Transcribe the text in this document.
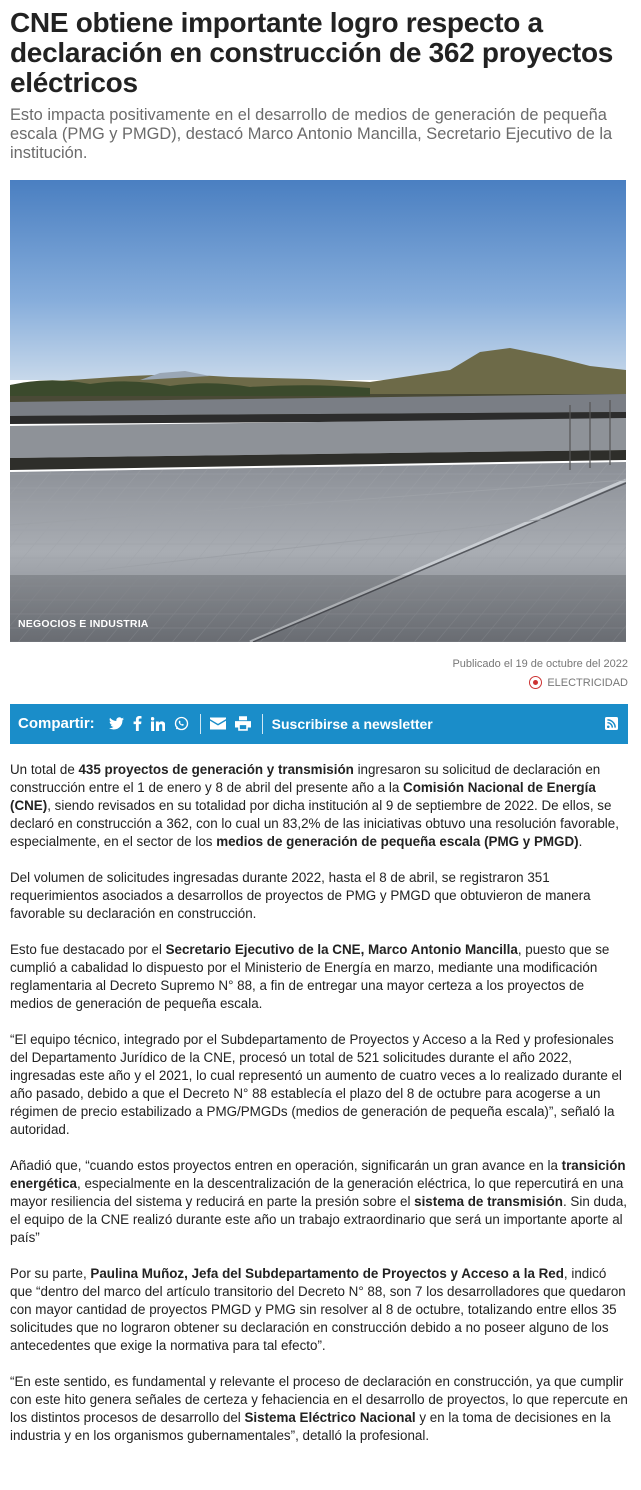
CNE obtiene importante logro respecto a declaración en construcción de 362 proyectos eléctricos

Esto impacta positivamente en el desarrollo de medios de generación de pequeña escala (PMG y PMGD), destacó Marco Antonio Mancilla, Secretario Ejecutivo de la institución.

NEGOCIOS E INDUSTRIA
Publicado el 19 de octubre del 2022
ELECTRICIDAD
Compartir:	Suscribirse a newsletter

Un total de 435 proyectos de generación y transmisión ingresaron su solicitud de declaración en construcción entre el 1 de enero y 8 de abril del presente año a la Comisión Nacional de Energía (CNE), siendo revisados en su totalidad por dicha institución al 9 de septiembre de 2022. De ellos, se declaró en construcción a 362, con lo cual un 83,2% de las iniciativas obtuvo una resolución favorable, especialmente, en el sector de los medios de generación de pequeña escala (PMG y PMGD).

Del volumen de solicitudes ingresadas durante 2022, hasta el 8 de abril, se registraron 351 requerimientos asociados a desarrollos de proyectos de PMG y PMGD que obtuvieron de manera favorable su declaración en construcción.

Esto fue destacado por el Secretario Ejecutivo de la CNE, Marco Antonio Mancilla, puesto que se cumplió a cabalidad lo dispuesto por el Ministerio de Energía en marzo, mediante una modificación reglamentaria al Decreto Supremo N° 88, a fin de entregar una mayor certeza a los proyectos de medios de generación de pequeña escala.

“El equipo técnico, integrado por el Subdepartamento de Proyectos y Acceso a la Red y profesionales del Departamento Jurídico de la CNE, procesó un total de 521 solicitudes durante el año 2022, ingresadas este año y el 2021, lo cual representó un aumento de cuatro veces a lo realizado durante el año pasado, debido a que el Decreto N° 88 establecía el plazo del 8 de octubre para acogerse a un régimen de precio estabilizado a PMG/PMGDs (medios de generación de pequeña escala)”, señaló la autoridad.

Añadió que, “cuando estos proyectos entren en operación, significarán un gran avance en la transición energética, especialmente en la descentralización de la generación eléctrica, lo que repercutirá en una mayor resiliencia del sistema y reducirá en parte la presión sobre el sistema de transmisión. Sin duda, el equipo de la CNE realizó durante este año un trabajo extraordinario que será un importante aporte al país”

Por su parte, Paulina Muñoz, Jefa del Subdepartamento de Proyectos y Acceso a la Red, indicó que “dentro del marco del artículo transitorio del Decreto N° 88, son 7 los desarrolladores que quedaron con mayor cantidad de proyectos PMGD y PMG sin resolver al 8 de octubre, totalizando entre ellos 35 solicitudes que no lograron obtener su declaración en construcción debido a no poseer alguno de los antecedentes que exige la normativa para tal efecto”.

“En este sentido, es fundamental y relevante el proceso de declaración en construcción, ya que cumplir con este hito genera señales de certeza y fehaciencia en el desarrollo de proyectos, lo que repercute en los distintos procesos de desarrollo del Sistema Eléctrico Nacional y en la toma de decisiones en la industria y en los organismos gubernamentales”, detalló la profesional.
